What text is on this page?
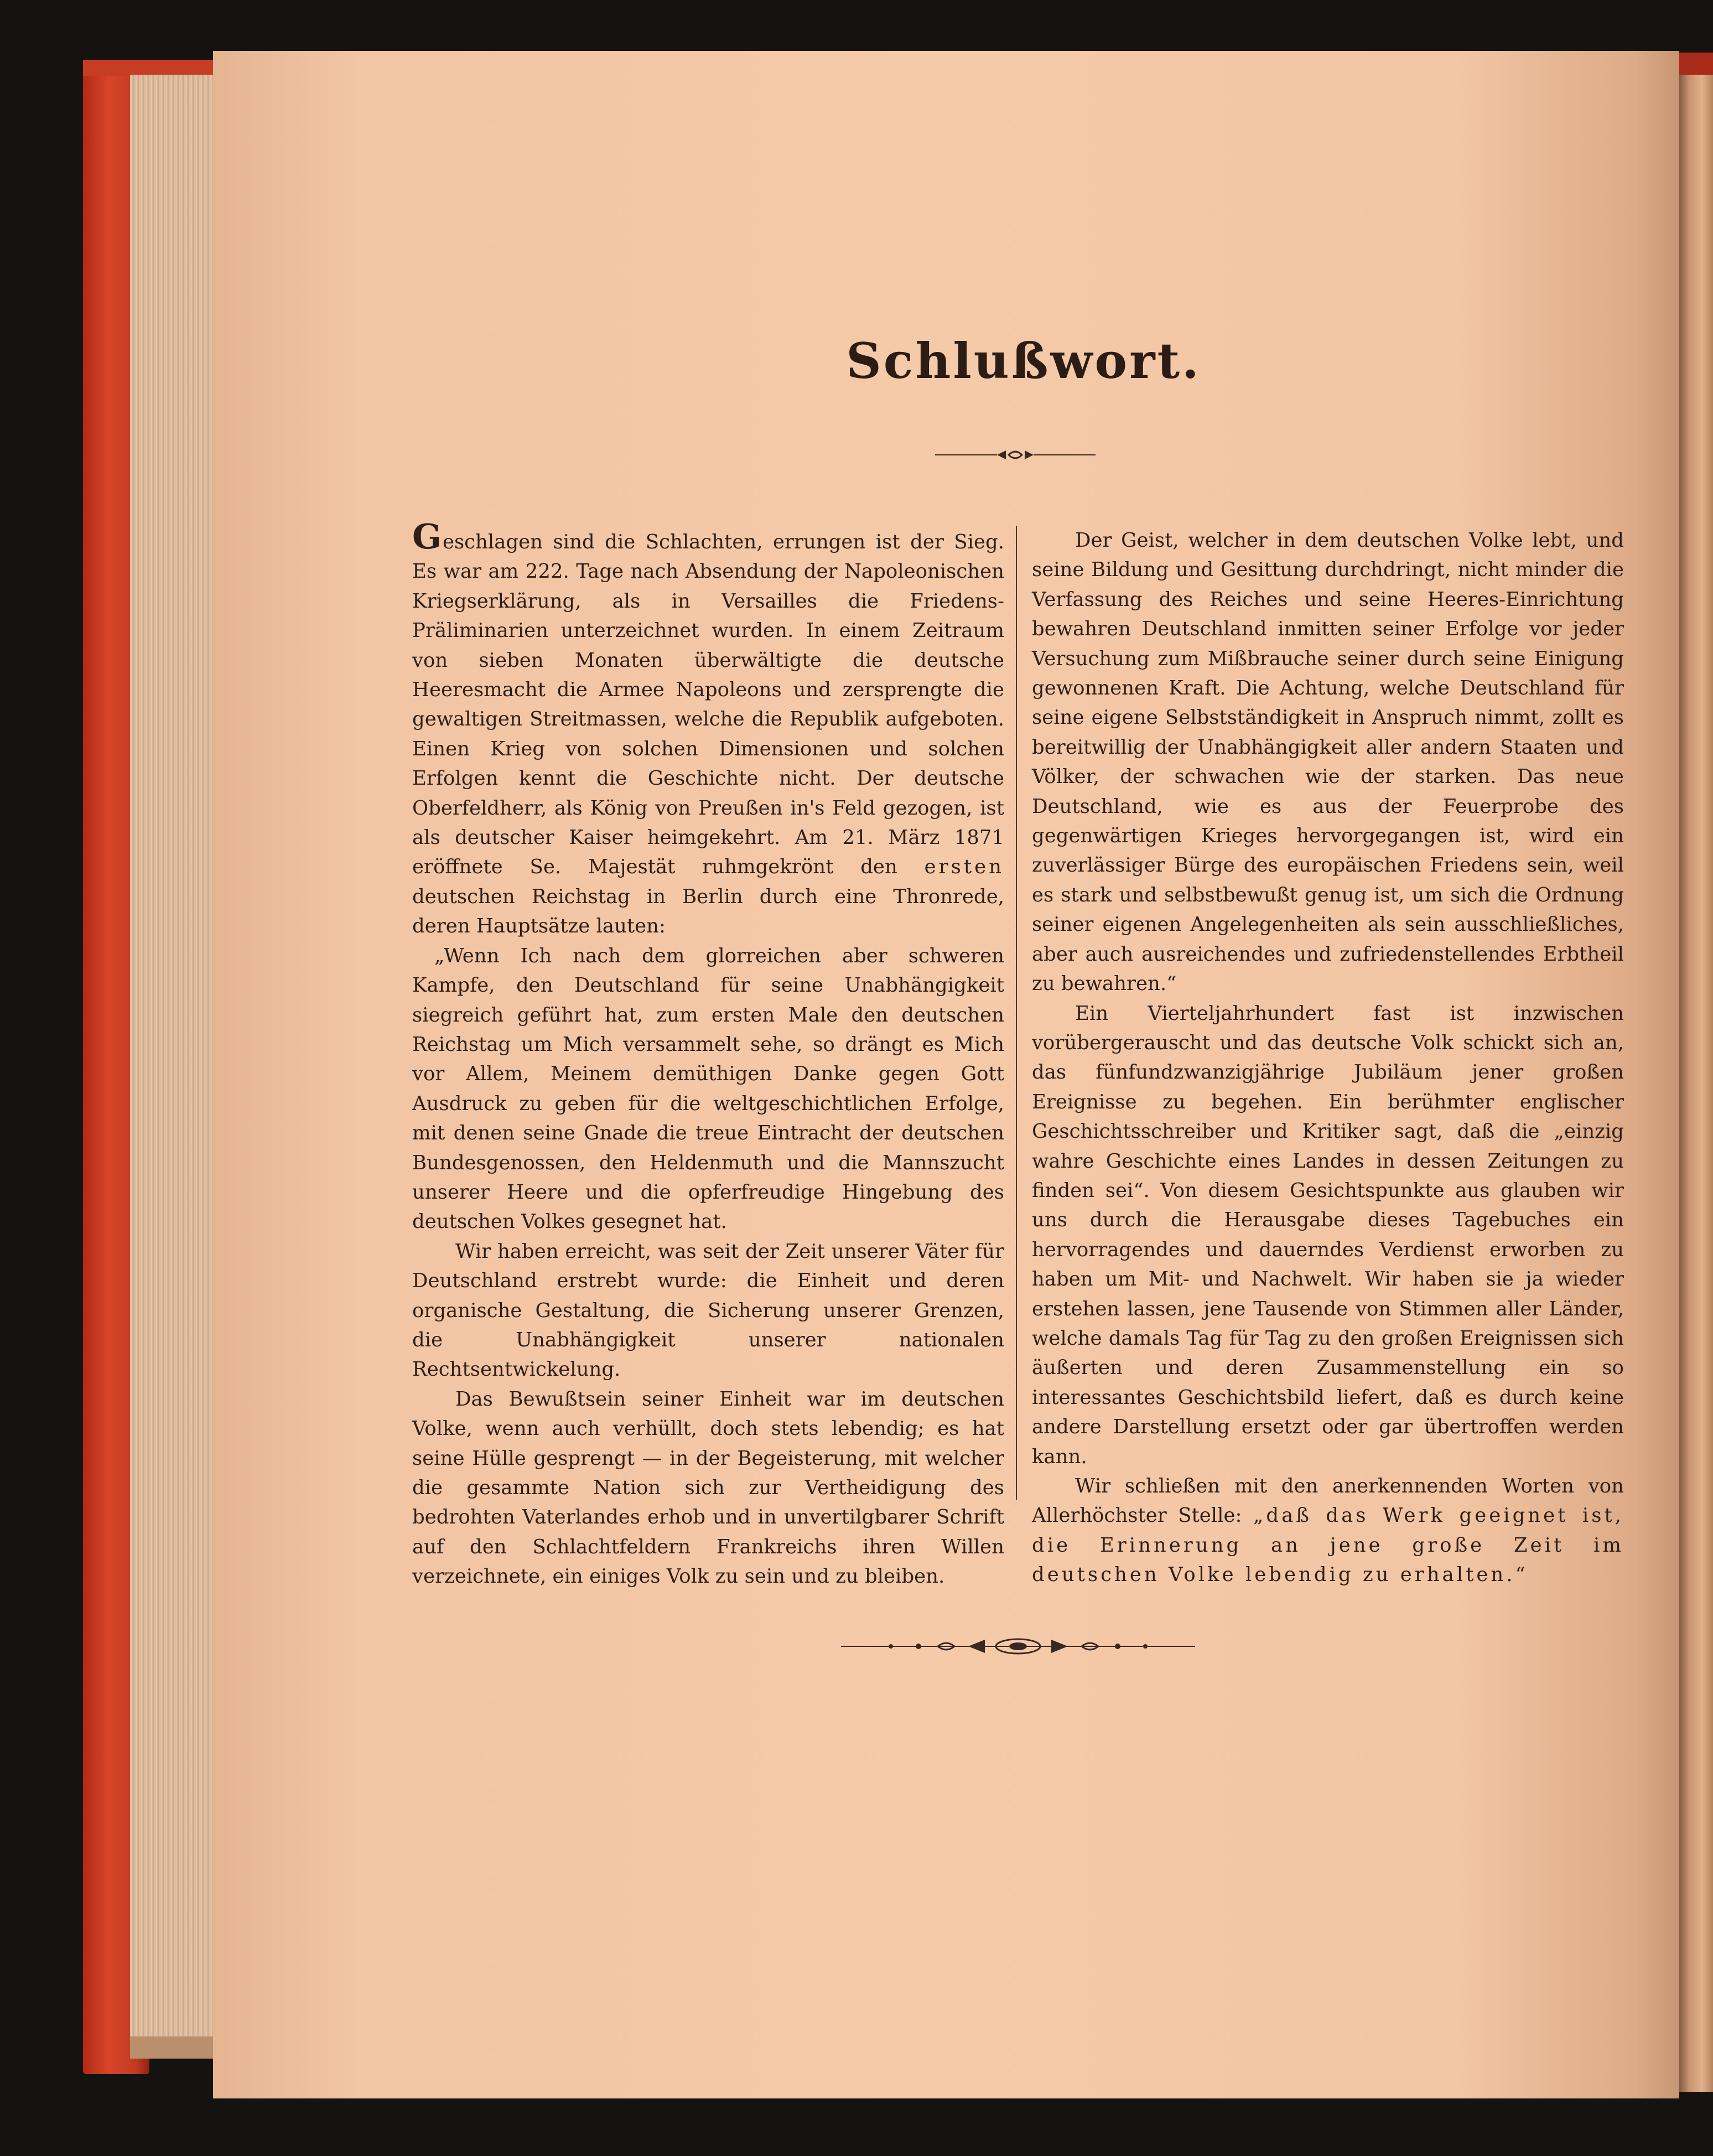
Schlußwort.

Geschlagen sind die Schlachten, errungen ist der Sieg. Es war am 222. Tage nach Absendung der Napoleonischen Kriegserklärung, als in Versailles die Friedens-Präliminarien unterzeichnet wurden. In einem Zeitraum von sieben Monaten überwältigte die deutsche Heeresmacht die Armee Napoleons und zersprengte die gewaltigen Streitmassen, welche die Republik aufgeboten. Einen Krieg von solchen Dimensionen und solchen Erfolgen kennt die Geschichte nicht. Der deutsche Oberfeldherr, als König von Preußen in's Feld gezogen, ist als deutscher Kaiser heimgekehrt. Am 21. März 1871 eröffnete Se. Majestät ruhmgekrönt den ersten deutschen Reichstag in Berlin durch eine Thronrede, deren Hauptsätze lauten:

„Wenn Ich nach dem glorreichen aber schweren Kampfe, den Deutschland für seine Unabhängigkeit siegreich geführt hat, zum ersten Male den deutschen Reichstag um Mich versammelt sehe, so drängt es Mich vor Allem, Meinem demüthigen Danke gegen Gott Ausdruck zu geben für die weltgeschichtlichen Erfolge, mit denen seine Gnade die treue Eintracht der deutschen Bundesgenossen, den Heldenmuth und die Mannszucht unserer Heere und die opferfreudige Hingebung des deutschen Volkes gesegnet hat.

Wir haben erreicht, was seit der Zeit unserer Väter für Deutschland erstrebt wurde: die Einheit und deren organische Gestaltung, die Sicherung unserer Grenzen, die Unabhängigkeit unserer nationalen Rechtsentwickelung.

Das Bewußtsein seiner Einheit war im deutschen Volke, wenn auch verhüllt, doch stets lebendig; es hat seine Hülle gesprengt — in der Begeisterung, mit welcher die gesammte Nation sich zur Vertheidigung des bedrohten Vaterlandes erhob und in unvertilgbarer Schrift auf den Schlachtfeldern Frankreichs ihren Willen verzeichnete, ein einiges Volk zu sein und zu bleiben.

Der Geist, welcher in dem deutschen Volke lebt, und seine Bildung und Gesittung durchdringt, nicht minder die Verfassung des Reiches und seine Heeres-Einrichtung bewahren Deutschland inmitten seiner Erfolge vor jeder Versuchung zum Mißbrauche seiner durch seine Einigung gewonnenen Kraft. Die Achtung, welche Deutschland für seine eigene Selbstständigkeit in Anspruch nimmt, zollt es bereitwillig der Unabhängigkeit aller andern Staaten und Völker, der schwachen wie der starken. Das neue Deutschland, wie es aus der Feuerprobe des gegenwärtigen Krieges hervorgegangen ist, wird ein zuverlässiger Bürge des europäischen Friedens sein, weil es stark und selbstbewußt genug ist, um sich die Ordnung seiner eigenen Angelegenheiten als sein ausschließliches, aber auch ausreichendes und zufriedenstellendes Erbtheil zu bewahren.“

Ein Vierteljahrhundert fast ist inzwischen vorübergerauscht und das deutsche Volk schickt sich an, das fünfundzwanzigjährige Jubiläum jener großen Ereignisse zu begehen. Ein berühmter englischer Geschichtsschreiber und Kritiker sagt, daß die „einzig wahre Geschichte eines Landes in dessen Zeitungen zu finden sei“. Von diesem Gesichtspunkte aus glauben wir uns durch die Herausgabe dieses Tagebuches ein hervorragendes und dauerndes Verdienst erworben zu haben um Mit- und Nachwelt. Wir haben sie ja wieder erstehen lassen, jene Tausende von Stimmen aller Länder, welche damals Tag für Tag zu den großen Ereignissen sich äußerten und deren Zusammenstellung ein so interessantes Geschichtsbild liefert, daß es durch keine andere Darstellung ersetzt oder gar übertroffen werden kann.

Wir schließen mit den anerkennenden Worten von Allerhöchster Stelle: „daß das Werk geeignet ist, die Erinnerung an jene große Zeit im deutschen Volke lebendig zu erhalten.“
